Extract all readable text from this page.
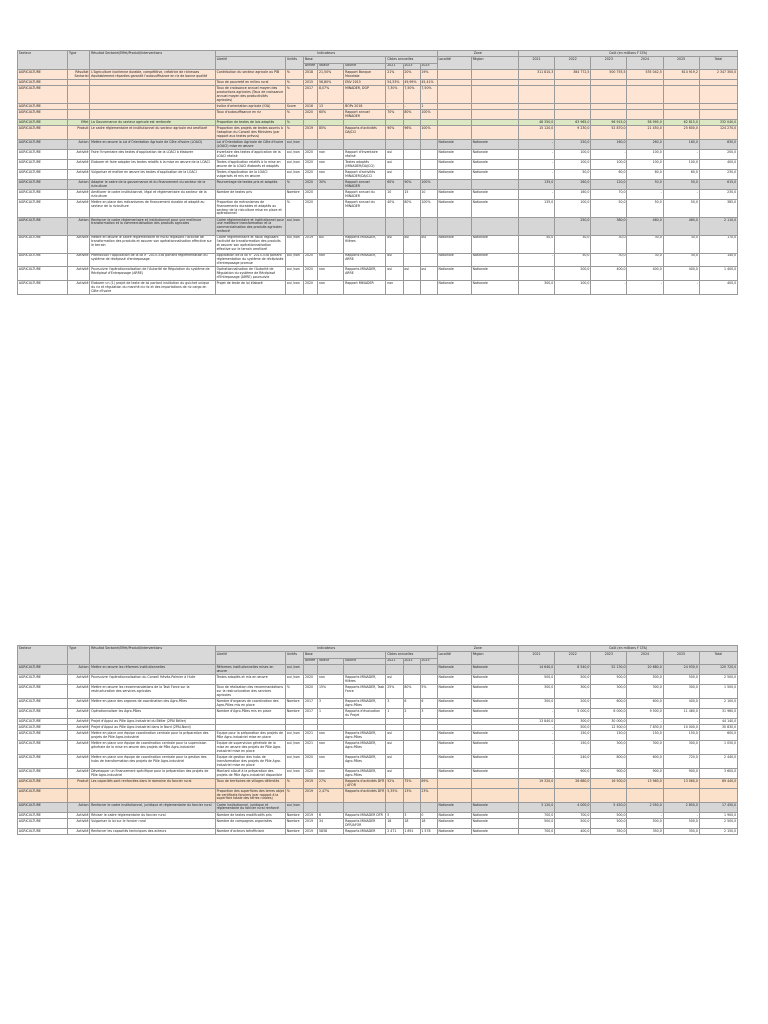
Secteur	Type	Résultat Sectoriel/Effet/Produit/Interventions	Indicateurs								Zone		Coût (en millions F CFA)					
			Libellé	Unités	Base			Cibles annuelles			Localité	Région	2021	2022	2023	2024	2025	Total
					Année	Valeur	Source	2021	2023	2025								
AGRICULTURE	Résultat Sectoriel	L'Agriculture ivoirienne durable, compétitive, créatrice de richesses équitablement réparties garantit l'autosuffisance en riz de bonne qualité	Contribution du secteur agricole au PIB	%	2018	21,50%	Rapport Banque Mondiale	21%	20%	19%			311 810,3	384 772,5	500 755,5	535 042,5	614 919,2	2 347 300,0
AGRICULTURE			Taux de pauvreté en milieu rural	%	2015	56,80%	ENV 2015	54,53%	49,99%	45,41%								
AGRICULTURE			Taux de croissance annuel moyen des productions agricoles (Taux de croissance annuel moyen des productivités agricoles)	%	2017	8,07%	MINADER, DGP	7,30%	7,50%	7,50%								
AGRICULTURE			Indice d'orientation agricole (IOA)	Score	2016	13	BOPs 2018	-	-	1								
AGRICULTURE			Taux d'autosuffisance en riz	%	2020	60%	Rapport annuel MINADER	70%	80%	100%								
AGRICULTURE	Effet	La Gouvernance du secteur agricole est renforcée	Proportion de textes de lois adoptés	%									48 350,0	63 965,0	96 915,0	58 995,0	62 815,0	332 040,0
AGRICULTURE	Produit	Le cadre réglementaire et institutionnel du secteur agricole est amélioré	Proportion des projets de textes soumis à l'adoption du Conseil des Ministres (par rapport aux textes prévus)	%	2019	85%	Rapports d'activités DAJCCI	90%	96%	100%			15 120,0	9 230,0	52 870,0	21 450,0	25 600,0	124 270,0
AGRICULTURE	Action	Mettre en œuvre la Loi d'Orientation Agricole de Côte d'Ivoire (LOACI)	Loi d'Orientation Agricole de Côte d'Ivoire (LOACI) mise en œuvre	oui /non							Nationale	Nationale	-	250,0	160,0	260,0	160,0	830,0
AGRICULTURE	Activité	Faire l'inventaire des textes d'application de la LOACI à élaborer	Inventaire des textes d'application de la LOACI réalisé	oui /non	2020	non	Rapport d'inventaire réalisé	oui			Nationale	Nationale	-	100,0	-	100,0	-	200,0
AGRICULTURE	Activité	Elaborer et faire adopter les textes relatifs à la mise en œuvre de la LOACI	Textes d'application relatifs à la mise en œuvre de la LOACI élaborés et adoptés	oui /non	2020	non	Textes adoptés (MINADER/DAJCCI)	oui			Nationale	Nationale	-	100,0	100,0	100,0	100,0	400,0
AGRICULTURE	Activité	Vulgariser et mettre en œuvre les textes d'application de la LOACI	Textes d'application de la LOACI vulgarisés et mis en œuvre	oui /non	2020	non	Rapport d'activités MINADER/DAJCCI	oui			Nationale	Nationale	-	50,0	60,0	60,0	60,0	230,0
AGRICULTURE	Action	Adapter le cadre de la gouvernance et du financement du secteur de la riziculture	Pourcentage de textes pris et adoptés	%	2020	30%	Rapport annuel MINADER	60%	90%	100%			135,0	260,0	120,0	50,0	50,0	615,0
AGRICULTURE	Activité	Améliorer le cadre institutionnel, légal et réglementaire du secteur de la riziculture	Nombre de textes pris	Nombre	2020		Rapport annuel du MINADER	10	15	10	Nationale	Nationale	-	160,0	70,0	-	-	230,0
AGRICULTURE	Activité	Mettre en place des mécanismes de financement durable et adapté au secteur de la riziculture	Proportion de mécanismes de financements durables et adaptés au secteur de la riziculture mise en place et opérationnel	%	2020		Rapport annuel du MINADER	40%	80%	100%	Nationale	Nationale	135,0	100,0	50,0	50,0	50,0	385,0
AGRICULTURE	Action	Renforcer le cadre réglementaire et institutionnel pour une meilleure transformation et la commercialisation des produits agricoles	Cadre réglementaire et institutionnel pour une meilleure transformation et la commercialisation des produits agricoles renforcé	oui /non										250,0	380,0	460,0	460,0	2 110,0
AGRICULTURE	Activité	Mettre en œuvre le cadre réglementaire et fiscal régissant l'activité de transformation des produits et assurer son opérationnalisation effective sur le terrain	Cadre réglementaire et fiscal régissant l'activité de transformation des produits et assurer son opérationnalisation effective sur le terrain amélioré	oui /non	2019	oui	Rapports MINADER, filières	oui	oui	oui	Nationale	Nationale	50,0	30,0	30,0	30,0	30,0	170,0
AGRICULTURE	Activité	Promouvoir l'application de la loi n° 2015-538 portant réglementation du système de récépissé d'entreposage	Application de la loi n° 2015-538 portant réglementation du système de récépissés d'entreposage promue	oui /non	2020	non	Rapports MINADER, ARRE	oui			Nationale	Nationale	-	50,0	30,0	30,0	30,0	140,0
AGRICULTURE	Activité	Poursuivre l'opérationnalisation de l'Autorité de Régulation du système de Récépissé d'Entreposage (ARRE)	Opérationnalisation de l'Autorité de Régulation du système de Récépissé d'Entreposage (ARRE) poursuivie	oui /non	2020	non	Rapports MINADER, ARRE	oui	oui	oui	Nationale	Nationale	-	200,0	400,0	400,0	400,0	1 400,0
AGRICULTURE	Activité	Elaborer un (1) projet de texte de loi portant institution du guichet unique du riz et régulation du marché du riz et des importations de riz cargo en Côte d'Ivoire	Projet de texte de loi élaboré	oui /non	2020	non	Rapport MINADER	non			Nationale	Nationale	300,0	100,0	-	-	-	400,0
Secteur	Type	Résultat Sectoriel/Effet/Produit/Interventions	Indicateurs								Zone		Coût (en millions F CFA)					
			Libellé	Unités	Base			Cibles annuelles			Localité	Région	2021	2022	2023	2024	2025	Total
					Année	Valeur	Source	2021	2023	2025								
AGRICULTURE	Action	Mettre en œuvre les réformes institutionnelles	Réformes institutionnelles mises en œuvre	oui /non							Nationale	Nationale	14 640,0	8 540,0	52 130,0	20 680,0	24 930,0	120 720,0
AGRICULTURE	Activité	Poursuivre l'opérationnalisation du Conseil Hévéa-Palmier à Huile	Textes adoptés et mis en œuvre	oui /non	2020	non	Rapports MINADER, filières	oui			Nationale	Nationale	500,0	500,0	500,0	500,0	500,0	2 500,0
AGRICULTURE	Activité	Mettre en œuvre les recommandations de la Task Force sur la restructuration des services agricoles	Taux de réalisation des recommandations sur la restructuration des services agricoles	%	2020	15%	Rapports MINADER, Task Force	25%	80%	5%	Nationale	Nationale	300,0	300,0	300,0	300,0	300,0	1 500,0
AGRICULTURE	Activité	Mettre en place des organes de coordination des Agro-Pôles	Nombre d'organes de coordination des Agro-Pôles mis en place	Nombre	2017	3	Rapports MINADER, Agro-Pôles	3	6	6	Nationale	Nationale	300,0	200,0	600,0	600,0	400,0	2 100,0
AGRICULTURE	Activité	Opérationnaliser les Agro-Pôles	Nombre d'Agro-Pôles mis en place	Nombre	2017	1	Rapports d'évaluation du Projet	1	2	3	Nationale	Nationale	-	5 000,0	6 000,0	9 500,0	11 460,0	31 960,0
AGRICULTURE	Activité	Projet d'Appui au Pôle Agro-Industriel du Bélier (2PAI Bélier)											13 840,0	300,0	30 000,0	-	-	44 140,0
AGRICULTURE	Activité	Projet d'Appui au Pôle Agro-Industriel dans le Nord (2PAI-Nord)											-	500,0	12 500,0	7 830,0	10 000,0	30 830,0
AGRICULTURE	Activité	Mettre en place une équipe coordination centrale pour la préparation des projets de Pôle Agro-industriel	Equipe pour la préparation des projets de Pôle Agro-industriel mise en place	oui /non	2021	non	Rapports MINADER, Agro-Pôles	oui			Nationale	Nationale	-	150,0	150,0	150,0	150,0	600,0
AGRICULTURE	Activité	Mettre en place une équipe de coordination centrale pour la supervision générale de la mise en œuvre des projets de Pôle Agro-industriel	Equipe de supervision générale de la mise en œuvre des projets de Pôle Agro-industriel mise en place	oui /non	2021	non	Rapports MINADER, Agro-Pôles	oui			Nationale	Nationale	-	150,0	300,0	300,0	300,0	1 050,0
AGRICULTURE	Activité	Mettre en place une équipe de coordination centrale pour la gestion des hubs de transformation des projets de Pôle Agro-industriel	Equipe de gestion des hubs de transformation des projets de Pôle Agro-industriel mise en place	oui /non	2020	non	Rapports MINADER, Agro-Pôles	oui			Nationale	Nationale	-	240,0	800,0	600,0	720,0	2 440,0
AGRICULTURE	Activité	Développer un financement spécifique pour la préparation des projets de Pôle Agro-industriel	Montant alloué à la préparation des projets de Pôle Agro-industriel disponible	oui /non	2020	non	Rapports MINADER, Agro-Pôles	oui			Nationale	Nationale	-	900,0	900,0	900,0	900,0	3 600,0
AGRICULTURE	Produit	Les capacités sont renforcées dans le domaine du foncier rural	Taux de territoires de villages délimités	%	2019	27%	Rapports d'activités DFR / AFOR	52%	75%	89%			19 320,0	26 680,0	16 500,0	13 960,0	13 060,0	89 440,0
AGRICULTURE			Proportion des superficies des terres objet de certificats fonciers (par rapport à la superficie totale des terres rurales)	%	2019	2,47%	Rapports d'activités DFR	5,35%	13%	23%								
AGRICULTURE	Action	Renforcer le cadre institutionnel, juridique et réglementaire du foncier rural	Cadre institutionnel, juridique et réglementaire du foncier rural renforcé	oui /non							Nationale	Nationale	3 120,0	4 000,0	5 450,0	2 050,0	2 850,0	17 450,0
AGRICULTURE	Activité	Réviser le cadre réglementaire du foncier rural	Nombre de textes modificatifs pris	Nombre	2019	6	Rapports MINADER DFR	5	3	0	Nationale	Nationale	700,0	700,0	500,0	-	-	1 900,0
AGRICULTURE	Activité	Vulgariser la loi sur le foncier rural	Nombre de campagnes organisées	Nombre	2019	34	Rapports MINADER DFR/AFOR	18	18	18	Nationale	Nationale	500,0	500,0	500,0	500,0	500,0	2 500,0
AGRICULTURE	Activité	Renforcer les capacités techniques des acteurs	Nombre d'acteurs bénéficiant	Nombre	2019	5838	Rapports MINADER	2 471	1 891	1 578	Nationale	Nationale	700,0	400,0	350,0	350,0	350,0	2 150,0
